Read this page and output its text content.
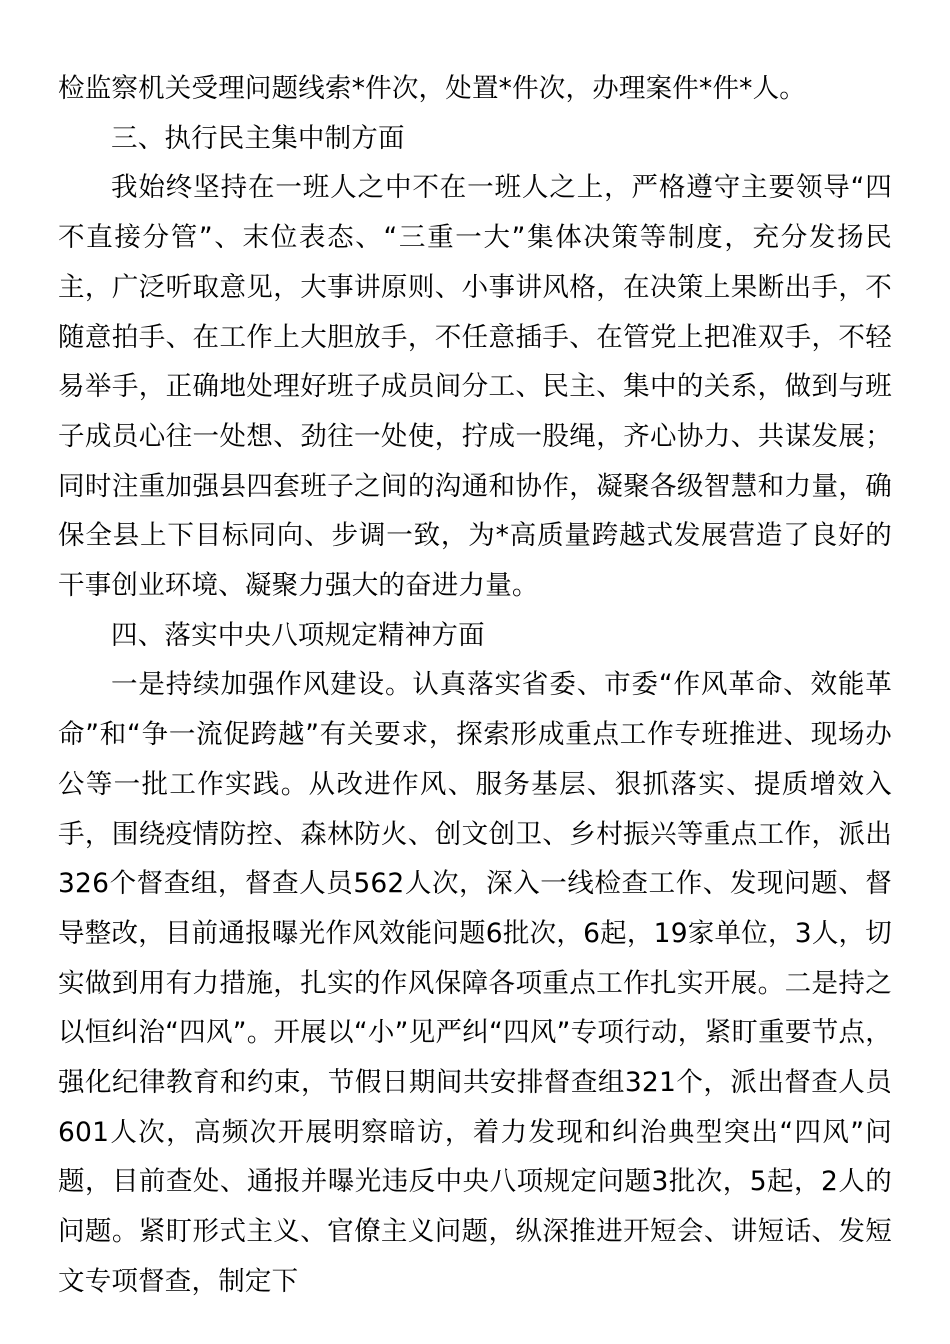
检监察机关受理问题线索*件次，处置*件次，办理案件*件*人。

三、执行民主集中制方面

我始终坚持在一班人之中不在一班人之上，严格遵守主要领导“四不直接分管”、末位表态、“三重一大”集体决策等制度，充分发扬民主，广泛听取意见，大事讲原则、小事讲风格，在决策上果断出手，不随意拍手、在工作上大胆放手，不任意插手、在管党上把准双手，不轻易举手，正确地处理好班子成员间分工、民主、集中的关系，做到与班子成员心往一处想、劲往一处使，拧成一股绳，齐心协力、共谋发展；同时注重加强县四套班子之间的沟通和协作，凝聚各级智慧和力量，确保全县上下目标同向、步调一致，为*高质量跨越式发展营造了良好的干事创业环境、凝聚力强大的奋进力量。

四、落实中央八项规定精神方面

一是持续加强作风建设。认真落实省委、市委“作风革命、效能革命”和“争一流促跨越”有关要求，探索形成重点工作专班推进、现场办公等一批工作实践。从改进作风、服务基层、狠抓落实、提质增效入手，围绕疫情防控、森林防火、创文创卫、乡村振兴等重点工作，派出326个督查组，督查人员562人次，深入一线检查工作、发现问题、督导整改，目前通报曝光作风效能问题6批次，6起，19家单位，3人，切实做到用有力措施，扎实的作风保障各项重点工作扎实开展。二是持之以恒纠治“四风”。开展以“小”见严纠“四风”专项行动，紧盯重要节点，强化纪律教育和约束，节假日期间共安排督查组321个，派出督查人员601人次，高频次开展明察暗访，着力发现和纠治典型突出“四风”问题，目前查处、通报并曝光违反中央八项规定问题3批次，5起，2人的问题。紧盯形式主义、官僚主义问题，纵深推进开短会、讲短话、发短文专项督查，制定下
